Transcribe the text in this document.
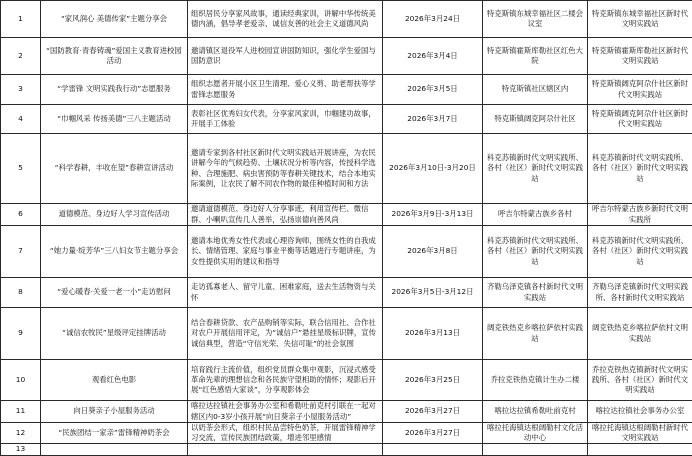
1	“家风润心 美德传家”主题分享会	组织居民分享家风故事，通读经典家训，讲解中华传统美德内涵，倡导孝老爱亲、诚信友善的社会主义道德风尚	2026年3月24日	特克斯镇东城幸福社区二楼会议室	特克斯镇东城幸福社区新时代文明实践站
2	“国防教育·青春铸魂”爱国主义教育进校园活动	邀请镇区退役军人进校园宣讲国防知识，强化学生爱国与国防意识	2026年3月4日	特克斯镇霍斯库勒社区红色大院	特克斯镇霍斯库勒社区新时代文明实践站
3	“学雷锋 文明实践我行动”志愿服务	组织志愿者开展小区卫生清理、爱心义剪、助老帮扶等学雷锋志愿服务	2026年3月5日	特克斯镇社区辖区内	特克斯镇阔克阿尕什社区新时代文明实践站
4	“巾帼风采 传扬美德”三八主题活动	表彰社区优秀妇女代表，分享家风家训，巾帼建功故事，开展手工体验	2026年3月7日	特克斯镇阔克阿尕什社区	特克斯镇阔克阿尕什社区新时代文明实践站
5	“科学春耕，丰收在望”春耕宣讲活动	邀请专家到各村社区新时代文明实践站开展讲座，为农民讲解今年的气候趋势、土壤状况分析等内容，传授科学选种、合理施肥、病虫害预防等春耕关键技术，结合本地实际案例，让农民了解不同农作物的最佳种植时间和方法	2026年3月10日-3月20日	科克苏镇新时代文明实践所、各村（社区）新时代文明实践站	科克苏镇新时代文明实践所、各村（社区）新时代文明实践站
6	道德模范、身边好人学习宣传活动	邀请道德模范、身边好人分享事迹，利用宣传栏、微信群、小喇叭宣传几人善举，弘扬崇德向善风尚	2026年3月9日-3月13日	呼吉尔特蒙古族乡各村	呼吉尔特蒙古族乡新时代文明实践所
7	“她力量·绽芳华”三八妇女节主题分享会	邀请本地优秀女性代表或心理咨询师，围绕女性的自我成长、情绪管理、家庭与事业平衡等话题进行专题讲座，为女性提供实用的建议和指导	2026年3月8日	科克苏镇新时代文明实践所、各村（社区）新时代文明实践站	科克苏镇新时代文明实践所、各村（社区）新时代文明实践站
8	“爱心暖春·关爱一老一小”走访慰问	走访孤寡老人、留守儿童、困难家庭，送去生活物资与关怀	2026年3月5日-3月12日	齐勒乌泽克镇各村新时代文明实践站	齐勒乌泽克镇新时代文明实践所、各村新时代文明实践站
9	“诚信农牧民”星级评定挂牌活动	结合春耕贷款、农产品购销等实际，联合信用社、合作社对农户开展信用评定，为“诚信户”悬挂星级标识牌，宣传诚信典型，营造“守信光荣、失信可耻”的社会氛围	2026年3月13日	阔克铁热克乡喀拉萨依村实践站	阔克铁热克乡喀拉萨依村文明实践站
10	观看红色电影	培育践行主流价值，组织党员群众集中观影，沉浸式感受革命先辈的理想信念和各民族守望相助的情怀；观影后开展“红色感悟大家谈”，分享观影体会	2026年3月25日	乔拉克铁热克镇计生办二楼	乔拉克铁热克镇新时代文明实践所、各村（社区）新时代文明实践站
11	向日葵亲子小屋服务活动	喀拉达拉镇社会事务办公室和希勒吐前克村引联在一起对辖区内0-3岁小孩开展“向日葵亲子小屋服务活动”	2026年3月27日	喀拉达拉镇希勒吐前克村	喀拉达拉镇社会事务办公室
12	“民族团结一家亲”雷锋精神奶茶会	以奶茶会形式，组织村民品尝特色奶茶，开展雷锋精神学习交流，宣传民族团结政策，增进邻里感情	2026年3月27日	喀拉托海镇达根阔勒村文化活动中心	喀拉托海镇达根阔勒村新时代文明实践站
13					
